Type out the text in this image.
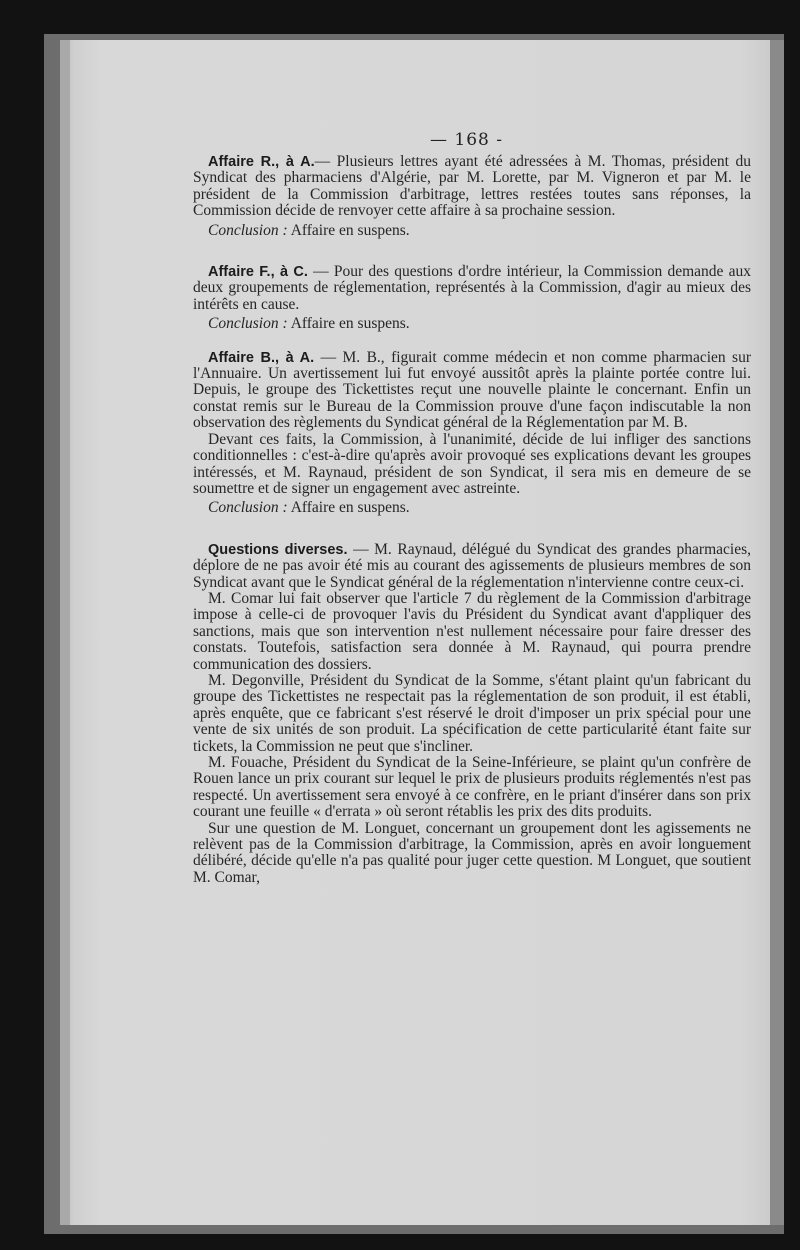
— 168 -

Affaire R., à A.— Plusieurs lettres ayant été adressées à M. Thomas, président du Syndicat des pharmaciens d'Algérie, par M. Lorette, par M. Vigneron et par M. le président de la Commission d'arbitrage, lettres restées toutes sans réponses, la Commission décide de renvoyer cette affaire à sa prochaine session.

Conclusion : Affaire en suspens.

Affaire F., à C. — Pour des questions d'ordre intérieur, la Commission demande aux deux groupements de réglementation, représentés à la Commission, d'agir au mieux des intérêts en cause.

Conclusion : Affaire en suspens.

Affaire B., à A. — M. B., figurait comme médecin et non comme pharmacien sur l'Annuaire. Un avertissement lui fut envoyé aussitôt après la plainte portée contre lui. Depuis, le groupe des Tickettistes reçut une nouvelle plainte le concernant. Enfin un constat remis sur le Bureau de la Commission prouve d'une façon indiscutable la non observation des règlements du Syndicat général de la Réglementation par M. B.

Devant ces faits, la Commission, à l'unanimité, décide de lui infliger des sanctions conditionnelles : c'est-à-dire qu'après avoir provoqué ses explications devant les groupes intéressés, et M. Raynaud, président de son Syndicat, il sera mis en demeure de se soumettre et de signer un engagement avec astreinte.

Conclusion : Affaire en suspens.

Questions diverses. — M. Raynaud, délégué du Syndicat des grandes pharmacies, déplore de ne pas avoir été mis au courant des agissements de plusieurs membres de son Syndicat avant que le Syndicat général de la réglementation n'intervienne contre ceux-ci.

M. Comar lui fait observer que l'article 7 du règlement de la Commission d'arbitrage impose à celle-ci de provoquer l'avis du Président du Syndicat avant d'appliquer des sanctions, mais que son intervention n'est nullement nécessaire pour faire dresser des constats. Toutefois, satisfaction sera donnée à M. Raynaud, qui pourra prendre communication des dossiers.

M. Degonville, Président du Syndicat de la Somme, s'étant plaint qu'un fabricant du groupe des Tickettistes ne respectait pas la réglementation de son produit, il est établi, après enquête, que ce fabricant s'est réservé le droit d'imposer un prix spécial pour une vente de six unités de son produit. La spécification de cette particularité étant faite sur tickets, la Commission ne peut que s'incliner.

M. Fouache, Président du Syndicat de la Seine-Inférieure, se plaint qu'un confrère de Rouen lance un prix courant sur lequel le prix de plusieurs produits réglementés n'est pas respecté. Un avertissement sera envoyé à ce confrère, en le priant d'insérer dans son prix courant une feuille « d'errata » où seront rétablis les prix des dits produits.

Sur une question de M. Longuet, concernant un groupement dont les agissements ne relèvent pas de la Commission d'arbitrage, la Commission, après en avoir longuement délibéré, décide qu'elle n'a pas qualité pour juger cette question. M Longuet, que soutient M. Comar,
